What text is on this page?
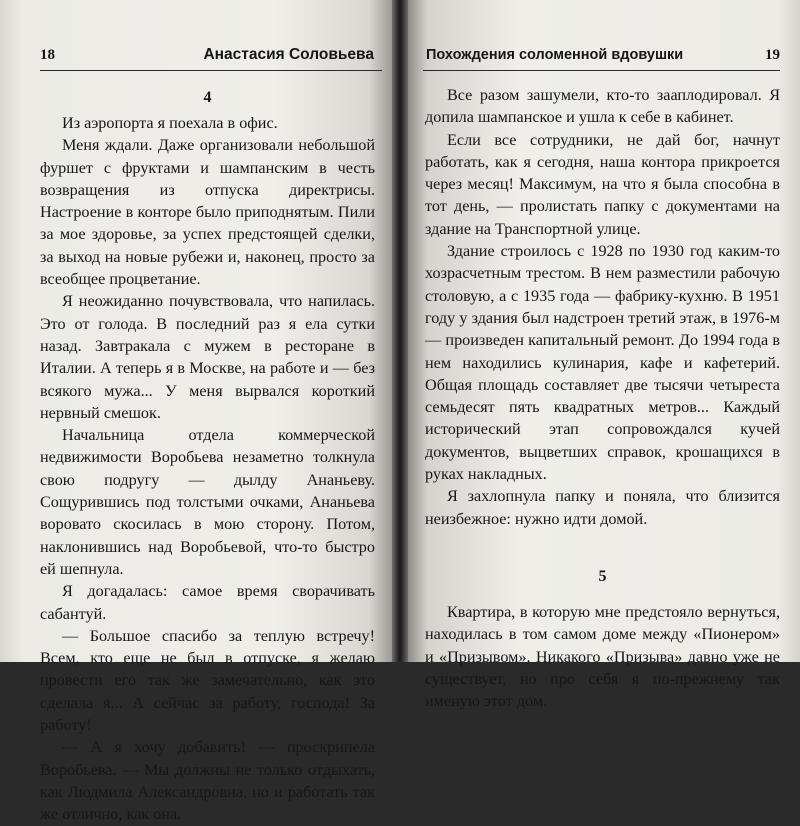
18	Анастасия Соловьева
4

Из аэропорта я поехала в офис.

Меня ждали. Даже организовали небольшой фуршет с фруктами и шампанским в честь возвращения из отпуска директрисы. Настроение в конторе было приподнятым. Пили за мое здоровье, за успех предстоящей сделки, за выход на новые рубежи и, наконец, просто за всеобщее процветание.

Я неожиданно почувствовала, что напилась. Это от голода. В последний раз я ела сутки назад. Завтракала с мужем в ресторане в Италии. А теперь я в Москве, на работе и — без всякого мужа... У меня вырвался короткий нервный смешок.

Начальница отдела коммерческой недвижимости Воробьева незаметно толкнула свою подругу — дылду Ананьеву. Сощурившись под толстыми очками, Ананьева воровато скосилась в мою сторону. Потом, наклонившись над Воробьевой, что-то быстро ей шепнула.

Я догадалась: самое время сворачивать сабантуй.

— Большое спасибо за теплую встречу! Всем, кто еще не был в отпуске, я желаю провести его так же замечательно, как это сделала я... А сейчас за работу, господа! За работу!

— А я хочу добавить! — проскрипела Воробьева. — Мы должны не только отдыхать, как Людмила Александровна, но и работать так же отлично, как она.

Похождения соломенной вдовушки	19

Все разом зашумели, кто-то зааплодировал. Я допила шампанское и ушла к себе в кабинет.

Если все сотрудники, не дай бог, начнут работать, как я сегодня, наша контора прикроется через месяц! Максимум, на что я была способна в тот день, — пролистать папку с документами на здание на Транспортной улице.

Здание строилось с 1928 по 1930 год каким-то хозрасчетным трестом. В нем разместили рабочую столовую, а с 1935 года — фабрику-кухню. В 1951 году у здания был надстроен третий этаж, в 1976-м — произведен капитальный ремонт. До 1994 года в нем находились кулинария, кафе и кафетерий. Общая площадь составляет две тысячи четыреста семьдесят пять квадратных метров... Каждый исторический этап сопровождался кучей документов, выцветших справок, крошащихся в руках накладных.

Я захлопнула папку и поняла, что близится неизбежное: нужно идти домой.

5

Квартира, в которую мне предстояло вернуться, находилась в том самом доме между «Пионером» и «Призывом». Никакого «Призыва» давно уже не существует, но про себя я по-прежнему так именую этот дом.
